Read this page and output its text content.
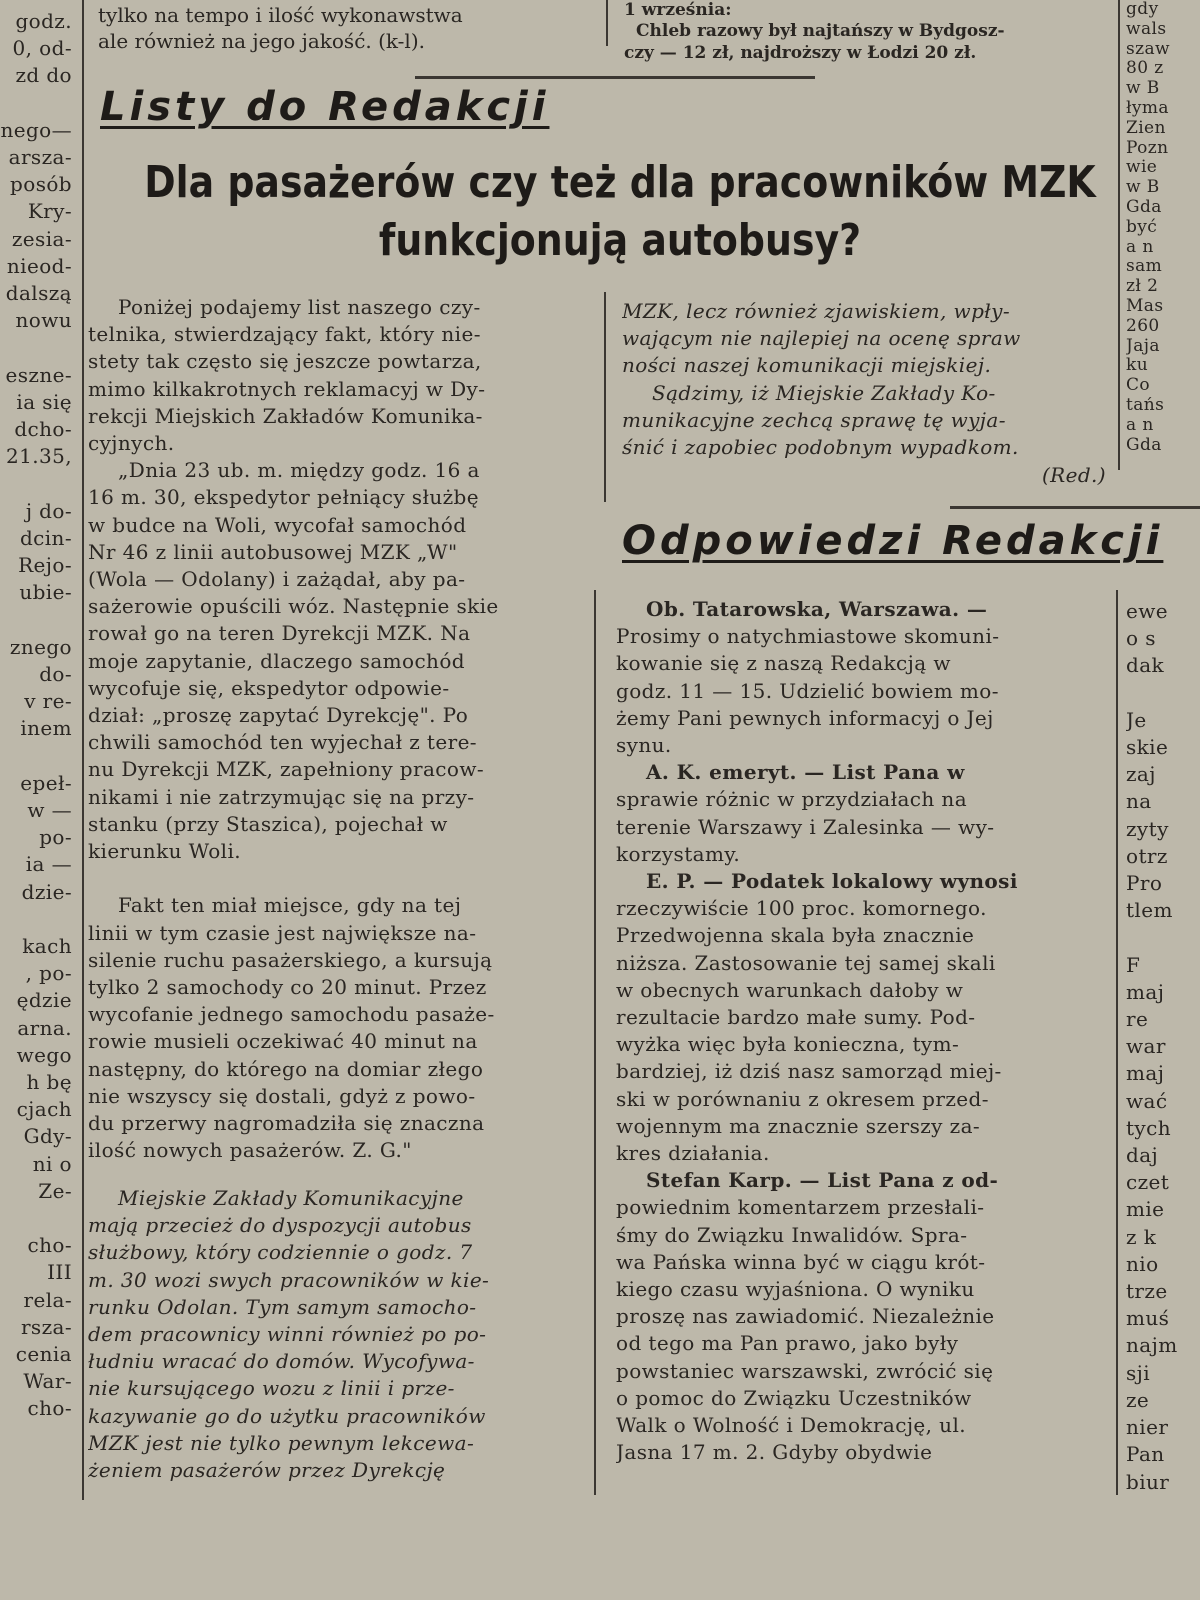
tylko na tempo i ilość wykonawstwa
ale również na jego jakość. (k-l).
1 września:
Chleb razowy był najtańszy w Bydgosz-
czy — 12 zł, najdroższy w Łodzi 20 zł.

godz.

0, od-

zd do

nego—

arsza-

posób

Kry-

zesia-

nieod-

dalszą

nowu

eszne-

ia się

dcho-

21.35,

j do-

dcin-

Rejo-

ubie-

znego

do-

v re-

inem

epeł-

w —

po-

ia —

dzie-

kach

, po-

ędzie

arna.

wego

h bę

cjach

Gdy-

ni o

Ze-

cho-

III

rela-

rsza-

cenia

War-

cho-

gdy

wals

szaw

80 z

w B

łyma

Zien

Pozn

wie

w B

Gda

być

a n

sam

zł 2

Mas

260

Jaja

ku

Co

tańs

a n

Gda

ewe

o s

dak

Je

skie

zaj

na

zyty

otrz

Pro

tlem

F

maj

re

war

maj

wać

tych

daj

czet

mie

z k

nio

trze

muś

najm

sji

ze

nier

Pan

biur

Listy do Redakcji
Dla pasażerów czy też dla pracowników MZK
funkcjonują autobusy?

Poniżej podajemy list naszego czy-

telnika, stwierdzający fakt, który nie-

stety tak często się jeszcze powtarza,

mimo kilkakrotnych reklamacyj w Dy-

rekcji Miejskich Zakładów Komunika-

cyjnych.

„Dnia 23 ub. m. między godz. 16 a

16 m. 30, ekspedytor pełniący służbę

w budce na Woli, wycofał samochód

Nr 46 z linii autobusowej MZK „W"

(Wola — Odolany) i zażądał, aby pa-

sażerowie opuścili wóz. Następnie skie

rował go na teren Dyrekcji MZK. Na

moje zapytanie, dlaczego samochód

wycofuje się, ekspedytor odpowie-

dział: „proszę zapytać Dyrekcję". Po

chwili samochód ten wyjechał z tere-

nu Dyrekcji MZK, zapełniony pracow-

nikami i nie zatrzymując się na przy-

stanku (przy Staszica), pojechał w

kierunku Woli.

Fakt ten miał miejsce, gdy na tej

linii w tym czasie jest największe na-

silenie ruchu pasażerskiego, a kursują

tylko 2 samochody co 20 minut. Przez

wycofanie jednego samochodu pasaże-

rowie musieli oczekiwać 40 minut na

następny, do którego na domiar złego

nie wszyscy się dostali, gdyż z powo-

du przerwy nagromadziła się znaczna

ilość nowych pasażerów. Z. G."

Miejskie Zakłady Komunikacyjne

mają przecież do dyspozycji autobus

służbowy, który codziennie o godz. 7

m. 30 wozi swych pracowników w kie-

runku Odolan. Tym samym samocho-

dem pracownicy winni również po po-

łudniu wracać do domów. Wycofywa-

nie kursującego wozu z linii i prze-

kazywanie go do użytku pracowników

MZK jest nie tylko pewnym lekcewa-

żeniem pasażerów przez Dyrekcję

MZK, lecz również zjawiskiem, wpły-

wającym nie najlepiej na ocenę spraw

ności naszej komunikacji miejskiej.

Sądzimy, iż Miejskie Zakłady Ko-

munikacyjne zechcą sprawę tę wyja-

śnić i zapobiec podobnym wypadkom.

(Red.)
Odpowiedzi Redakcji

Ob. Tatarowska, Warszawa. —

Prosimy o natychmiastowe skomuni-

kowanie się z naszą Redakcją w

godz. 11 — 15. Udzielić bowiem mo-

żemy Pani pewnych informacyj o Jej

synu.

A. K. emeryt. — List Pana w

sprawie różnic w przydziałach na

terenie Warszawy i Zalesinka — wy-

korzystamy.

E. P. — Podatek lokalowy wynosi

rzeczywiście 100 proc. komornego.

Przedwojenna skala była znacznie

niższa. Zastosowanie tej samej skali

w obecnych warunkach dałoby w

rezultacie bardzo małe sumy. Pod-

wyżka więc była konieczna, tym-

bardziej, iż dziś nasz samorząd miej-

ski w porównaniu z okresem przed-

wojennym ma znacznie szerszy za-

kres działania.

Stefan Karp. — List Pana z od-

powiednim komentarzem przesłali-

śmy do Związku Inwalidów. Spra-

wa Pańska winna być w ciągu krót-

kiego czasu wyjaśniona. O wyniku

proszę nas zawiadomić. Niezależnie

od tego ma Pan prawo, jako były

powstaniec warszawski, zwrócić się

o pomoc do Związku Uczestników

Walk o Wolność i Demokrację, ul.

Jasna 17 m. 2. Gdyby obydwie
